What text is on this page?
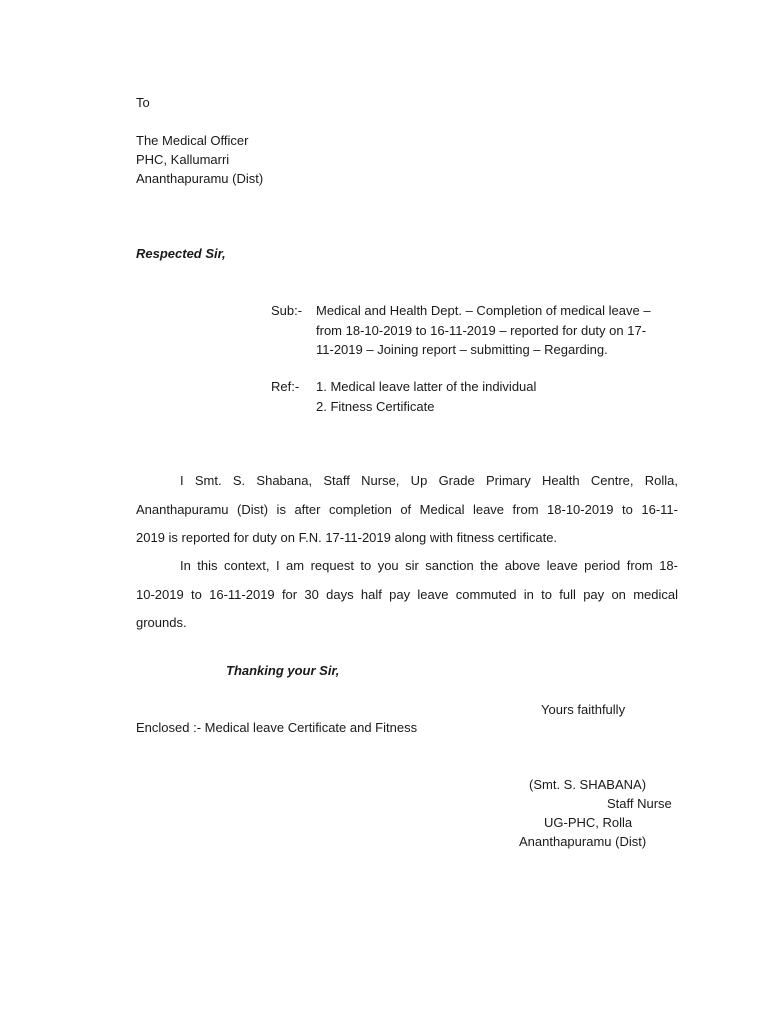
To
The Medical Officer
PHC, Kallumarri
Ananthapuramu (Dist)
Respected Sir,
Sub:- Medical and Health Dept. – Completion of medical leave –
from 18-10-2019 to 16-11-2019 – reported for duty on 17-
11-2019 – Joining report – submitting – Regarding.
Ref:- 1. Medical leave latter of the individual
2. Fitness Certificate
I Smt. S. Shabana, Staff Nurse, Up Grade Primary Health Centre, Rolla,
Ananthapuramu (Dist) is after completion of Medical leave from 18-10-2019 to 16-11-
2019 is reported for duty on F.N. 17-11-2019 along with fitness certificate.
In this context, I am request to you sir sanction the above leave period from 18-
10-2019 to 16-11-2019 for 30 days half pay leave commuted in to full pay on medical
grounds.
Thanking your Sir,
Yours faithfully
Enclosed :- Medical leave Certificate and Fitness
(Smt. S. SHABANA)
Staff Nurse
UG-PHC, Rolla
Ananthapuramu (Dist)
